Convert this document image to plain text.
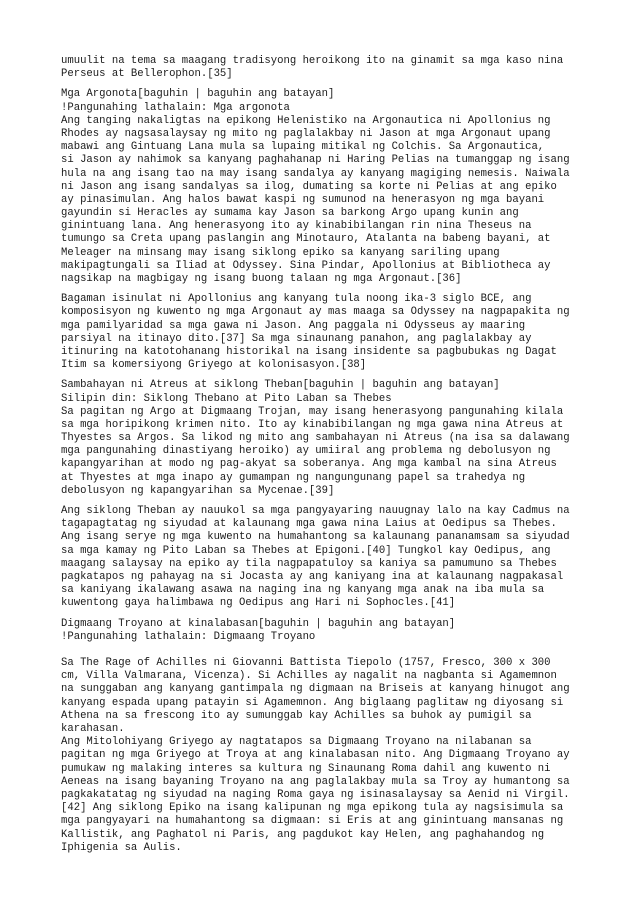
umuulit na tema sa maagang tradisyong heroikong ito na ginamit sa mga kaso nina
Perseus at Bellerophon.[35]
Mga Argonota[baguhin | baguhin ang batayan]
!Pangunahing lathalain: Mga argonota
Ang tanging nakaligtas na epikong Helenistiko na Argonautica ni Apollonius ng
Rhodes ay nagsasalaysay ng mito ng paglalakbay ni Jason at mga Argonaut upang
mabawi ang Gintuang Lana mula sa lupaing mitikal ng Colchis. Sa Argonautica,
si Jason ay nahimok sa kanyang paghahanap ni Haring Pelias na tumanggap ng isang
hula na ang isang tao na may isang sandalya ay kanyang magiging nemesis. Naiwala
ni Jason ang isang sandalyas sa ilog, dumating sa korte ni Pelias at ang epiko
ay pinasimulan. Ang halos bawat kaspi ng sumunod na henerasyon ng mga bayani
gayundin si Heracles ay sumama kay Jason sa barkong Argo upang kunin ang
ginintuang lana. Ang henerasyong ito ay kinabibilangan rin nina Theseus na
tumungo sa Creta upang paslangin ang Minotauro, Atalanta na babeng bayani, at
Meleager na minsang may isang siklong epiko sa kanyang sariling upang
makipagtungali sa Iliad at Odyssey. Sina Pindar, Apollonius at Bibliotheca ay
nagsikap na magbigay ng isang buong talaan ng mga Argonaut.[36]
Bagaman isinulat ni Apollonius ang kanyang tula noong ika-3 siglo BCE, ang
komposisyon ng kuwento ng mga Argonaut ay mas maaga sa Odyssey na nagpapakita ng
mga pamilyaridad sa mga gawa ni Jason. Ang paggala ni Odysseus ay maaring
parsiyal na itinayo dito.[37] Sa mga sinaunang panahon, ang paglalakbay ay
itinuring na katotohanang historikal na isang insidente sa pagbubukas ng Dagat
Itim sa komersiyong Griyego at kolonisasyon.[38]
Sambahayan ni Atreus at siklong Theban[baguhin | baguhin ang batayan]
Silipin din: Siklong Thebano at Pito Laban sa Thebes
Sa pagitan ng Argo at Digmaang Trojan, may isang henerasyong pangunahing kilala
sa mga horipikong krimen nito. Ito ay kinabibilangan ng mga gawa nina Atreus at
Thyestes sa Argos. Sa likod ng mito ang sambahayan ni Atreus (na isa sa dalawang
mga pangunahing dinastiyang heroiko) ay umiiral ang problema ng debolusyon ng
kapangyarihan at modo ng pag-akyat sa soberanya. Ang mga kambal na sina Atreus
at Thyestes at mga inapo ay gumampan ng nangungunang papel sa trahedya ng
debolusyon ng kapangyarihan sa Mycenae.[39]
Ang siklong Theban ay nauukol sa mga pangyayaring nauugnay lalo na kay Cadmus na
tagapagtatag ng siyudad at kalaunang mga gawa nina Laius at Oedipus sa Thebes.
Ang isang serye ng mga kuwento na humahantong sa kalaunang pananamsam sa siyudad
sa mga kamay ng Pito Laban sa Thebes at Epigoni.[40] Tungkol kay Oedipus, ang
maagang salaysay na epiko ay tila nagpapatuloy sa kaniya sa pamumuno sa Thebes
pagkatapos ng pahayag na si Jocasta ay ang kaniyang ina at kalaunang nagpakasal
sa kaniyang ikalawang asawa na naging ina ng kanyang mga anak na iba mula sa
kuwentong gaya halimbawa ng Oedipus ang Hari ni Sophocles.[41]
Digmaang Troyano at kinalabasan[baguhin | baguhin ang batayan]
!Pangunahing lathalain: Digmaang Troyano
Sa The Rage of Achilles ni Giovanni Battista Tiepolo (1757, Fresco, 300 x 300
cm, Villa Valmarana, Vicenza). Si Achilles ay nagalit na nagbanta si Agamemnon
na sunggaban ang kanyang gantimpala ng digmaan na Briseis at kanyang hinugot ang
kanyang espada upang patayin si Agamemnon. Ang biglaang paglitaw ng diyosang si
Athena na sa frescong ito ay sumunggab kay Achilles sa buhok ay pumigil sa
karahasan.
Ang Mitolohiyang Griyego ay nagtatapos sa Digmaang Troyano na nilabanan sa
pagitan ng mga Griyego at Troya at ang kinalabasan nito. Ang Digmaang Troyano ay
pumukaw ng malaking interes sa kultura ng Sinaunang Roma dahil ang kuwento ni
Aeneas na isang bayaning Troyano na ang paglalakbay mula sa Troy ay humantong sa
pagkakatatag ng siyudad na naging Roma gaya ng isinasalaysay sa Aenid ni Virgil.
[42] Ang siklong Epiko na isang kalipunan ng mga epikong tula ay nagsisimula sa
mga pangyayari na humahantong sa digmaan: si Eris at ang ginintuang mansanas ng
Kallistik, ang Paghatol ni Paris, ang pagdukot kay Helen, ang paghahandog ng
Iphigenia sa Aulis.
